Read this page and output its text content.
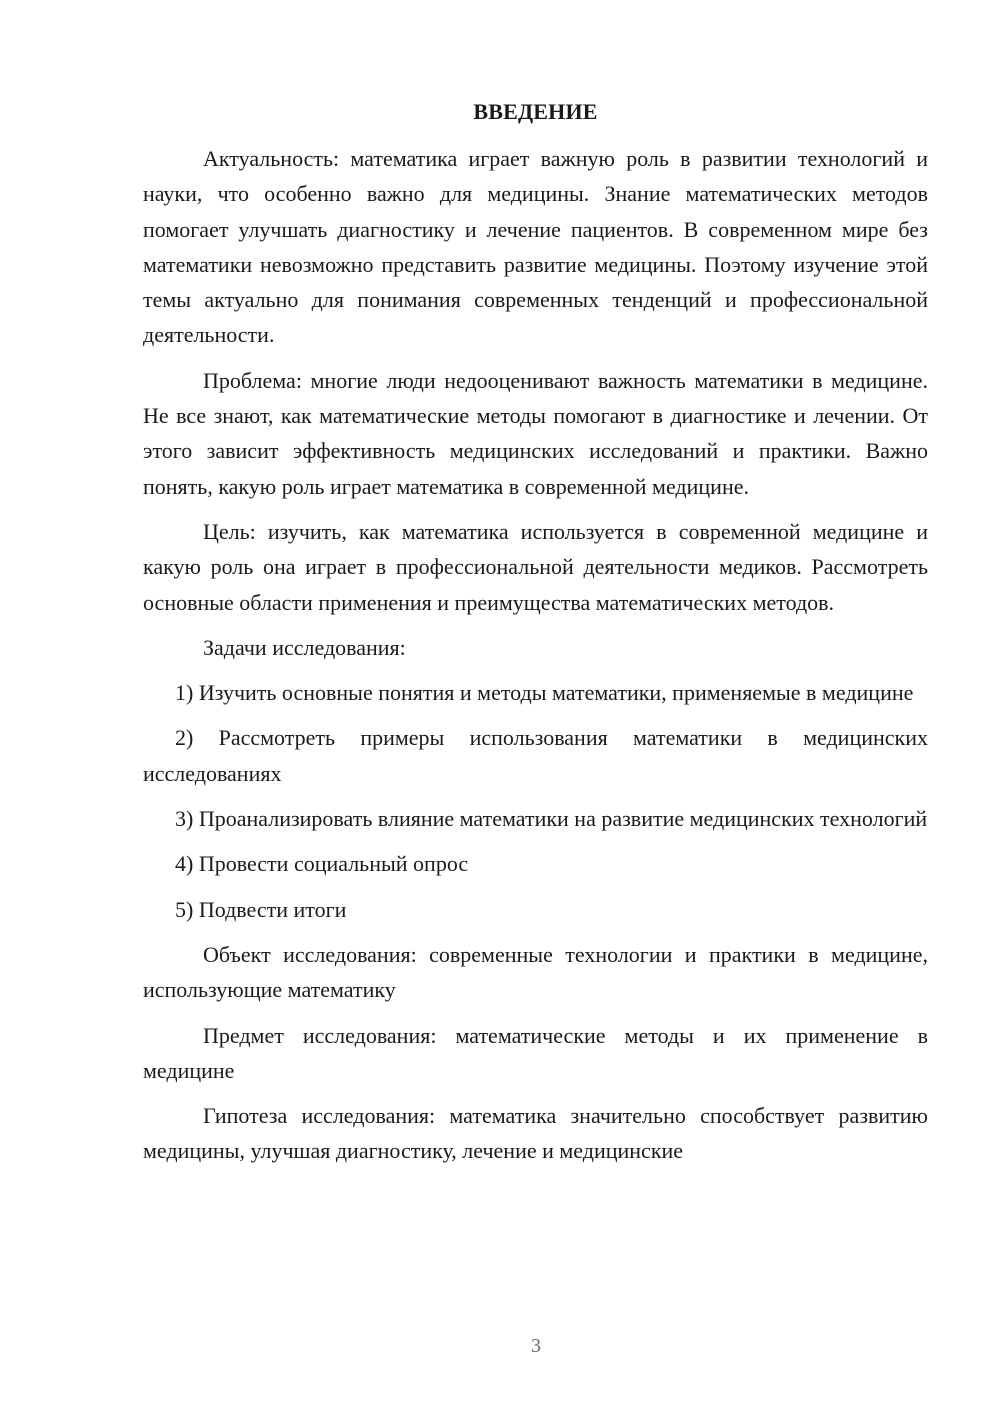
ВВЕДЕНИЕ

Актуальность: математика играет важную роль в развитии технологий и науки, что особенно важно для медицины. Знание математических методов помогает улучшать диагностику и лечение пациентов. В современном мире без математики невозможно представить развитие медицины. Поэтому изучение этой темы актуально для понимания современных тенденций и профессиональной деятельности.

Проблема: многие люди недооценивают важность математики в медицине. Не все знают, как математические методы помогают в диагностике и лечении. От этого зависит эффективность медицинских исследований и практики. Важно понять, какую роль играет математика в современной медицине.

Цель: изучить, как математика используется в современной медицине и какую роль она играет в профессиональной деятельности медиков. Рассмотреть основные области применения и преимущества математических методов.

Задачи исследования:

1) Изучить основные понятия и методы математики, применяемые в медицине

2) Рассмотреть примеры использования математики в медицинских исследованиях

3) Проанализировать влияние математики на развитие медицинских технологий

4) Провести социальный опрос

5) Подвести итоги

Объект исследования: современные технологии и практики в медицине, использующие математику

Предмет исследования: математические методы и их применение в медицине

Гипотеза исследования: математика значительно способствует развитию медицины, улучшая диагностику, лечение и медицинские

3
